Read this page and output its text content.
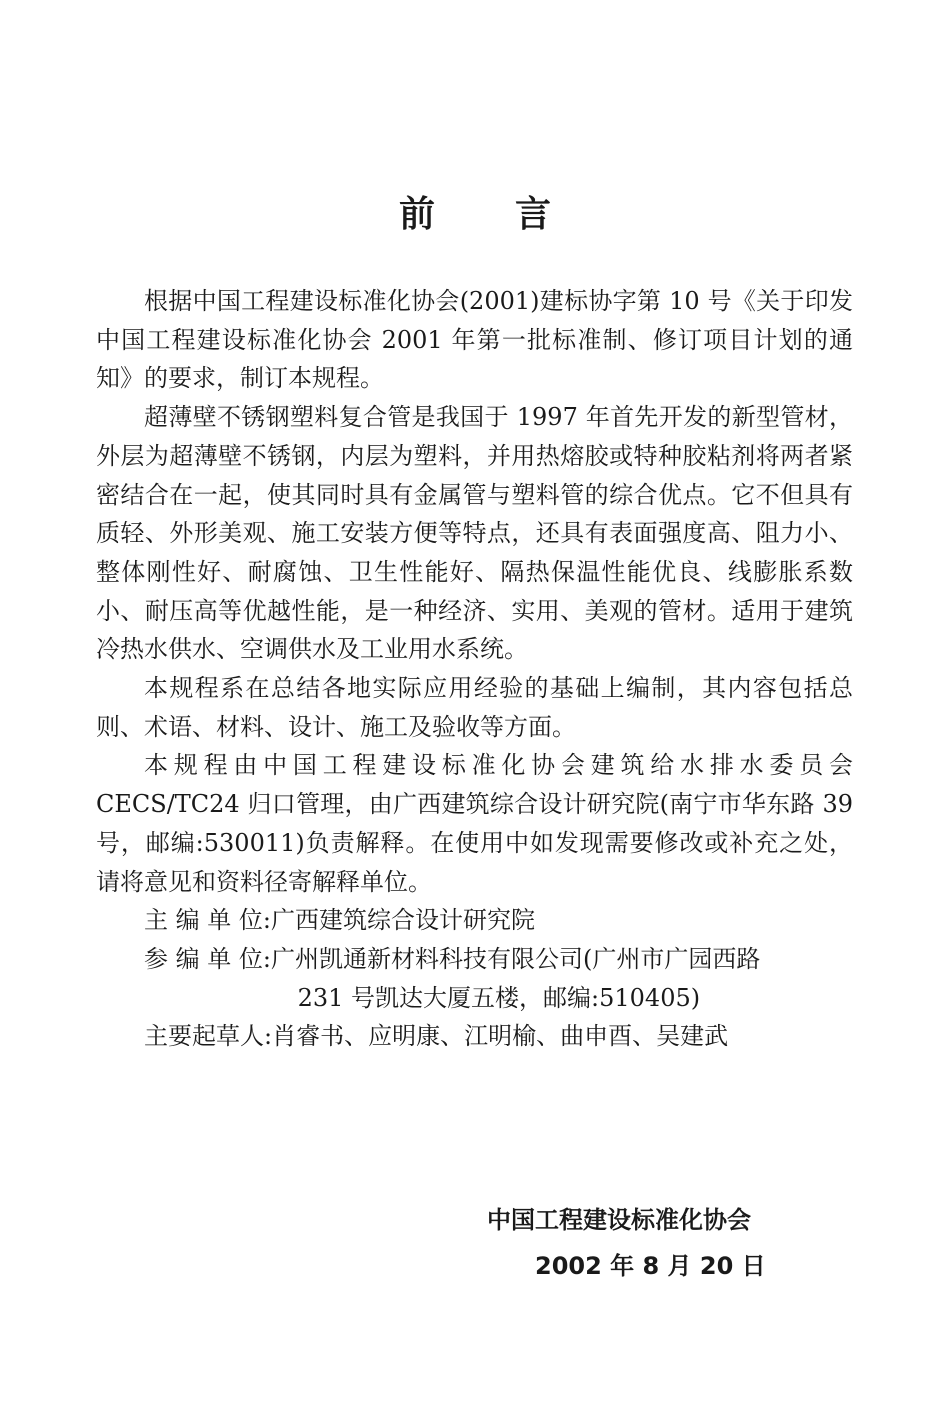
前言

根据中国工程建设标准化协会(2001)建标协字第 10 号《关于印发中国工程建设标准化协会 2001 年第一批标准制、修订项目计划的通知》的要求，制订本规程。

超薄壁不锈钢塑料复合管是我国于 1997 年首先开发的新型管材，外层为超薄壁不锈钢，内层为塑料，并用热熔胶或特种胶粘剂将两者紧密结合在一起，使其同时具有金属管与塑料管的综合优点。它不但具有质轻、外形美观、施工安装方便等特点，还具有表面强度高、阻力小、整体刚性好、耐腐蚀、卫生性能好、隔热保温性能优良、线膨胀系数小、耐压高等优越性能，是一种经济、实用、美观的管材。适用于建筑冷热水供水、空调供水及工业用水系统。

本规程系在总结各地实际应用经验的基础上编制，其内容包括总则、术语、材料、设计、施工及验收等方面。

本规程由中国工程建设标准化协会建筑给水排水委员会 CECS/TC24 归口管理，由广西建筑综合设计研究院(南宁市华东路 39 号，邮编:530011)负责解释。在使用中如发现需要修改或补充之处，请将意见和资料径寄解释单位。

主 编 单 位:广西建筑综合设计研究院

参 编 单 位:广州凯通新材料科技有限公司(广州市广园西路

231 号凯达大厦五楼，邮编:510405)

主要起草人:肖睿书、应明康、江明榆、曲申酉、吴建武

中国工程建设标准化协会
2002 年 8 月 20 日
